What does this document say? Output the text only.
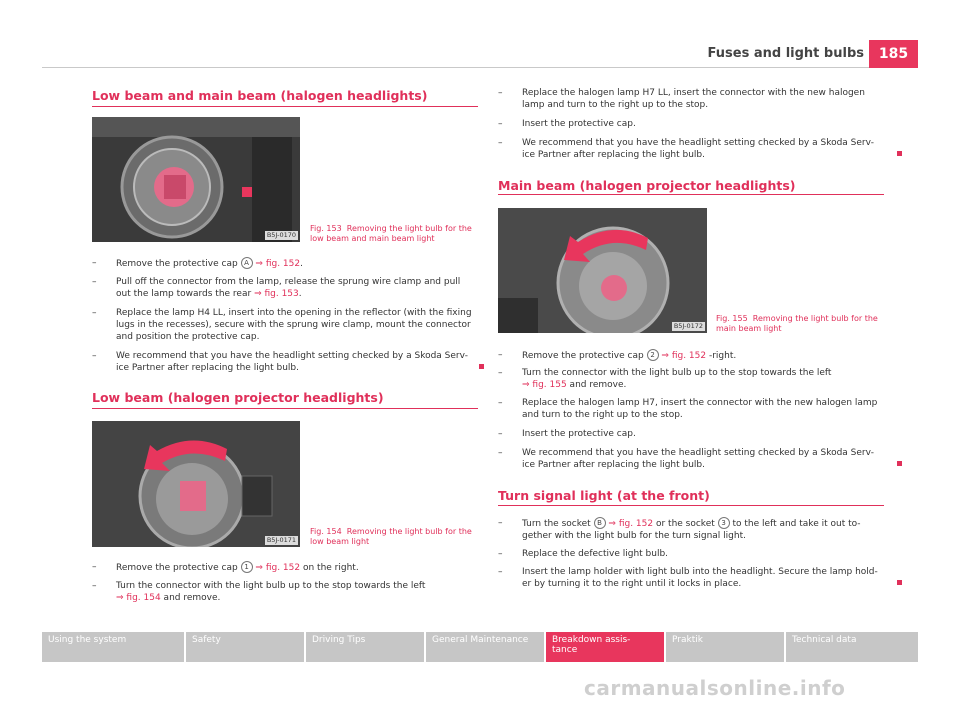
Fuses and light bulbs	185
Low beam and main beam (halogen headlights)
B5J-0170
Fig. 153 Removing the light bulb for the low beam and main beam light
– Remove the protective cap A ⇒ fig. 152.
– Pull off the connector from the lamp, release the sprung wire clamp and pull
out the lamp towards the rear ⇒ fig. 153.
– Replace the lamp H4 LL, insert into the opening in the reflector (with the fixing
lugs in the recesses), secure with the sprung wire clamp, mount the connector
and position the protective cap.
– We recommend that you have the headlight setting checked by a Skoda Serv-
ice Partner after replacing the light bulb.
Low beam (halogen projector headlights)
B5J-0171
Fig. 154 Removing the light bulb for the low beam light
– Remove the protective cap 1 ⇒ fig. 152 on the right.
– Turn the connector with the light bulb up to the stop towards the left
⇒ fig. 154 and remove.
– Replace the halogen lamp H7 LL, insert the connector with the new halogen
lamp and turn to the right up to the stop.
– Insert the protective cap.
– We recommend that you have the headlight setting checked by a Skoda Serv-
ice Partner after replacing the light bulb.
Main beam (halogen projector headlights)
B5J-0172
Fig. 155 Removing the light bulb for the main beam light
– Remove the protective cap 2 ⇒ fig. 152 -right.
– Turn the connector with the light bulb up to the stop towards the left
⇒ fig. 155 and remove.
– Replace the halogen lamp H7, insert the connector with the new halogen lamp
and turn to the right up to the stop.
– Insert the protective cap.
– We recommend that you have the headlight setting checked by a Skoda Serv-
ice Partner after replacing the light bulb.
Turn signal light (at the front)
– Turn the socket B ⇒ fig. 152 or the socket 3 to the left and take it out to-
gether with the light bulb for the turn signal light.
– Replace the defective light bulb.
– Insert the lamp holder with light bulb into the headlight. Secure the lamp hold-
er by turning it to the right until it locks in place.
Using the system	Safety	Driving Tips	General Maintenance	Breakdown assis-
tance
Praktik	Technical data
carmanualsonline.info
